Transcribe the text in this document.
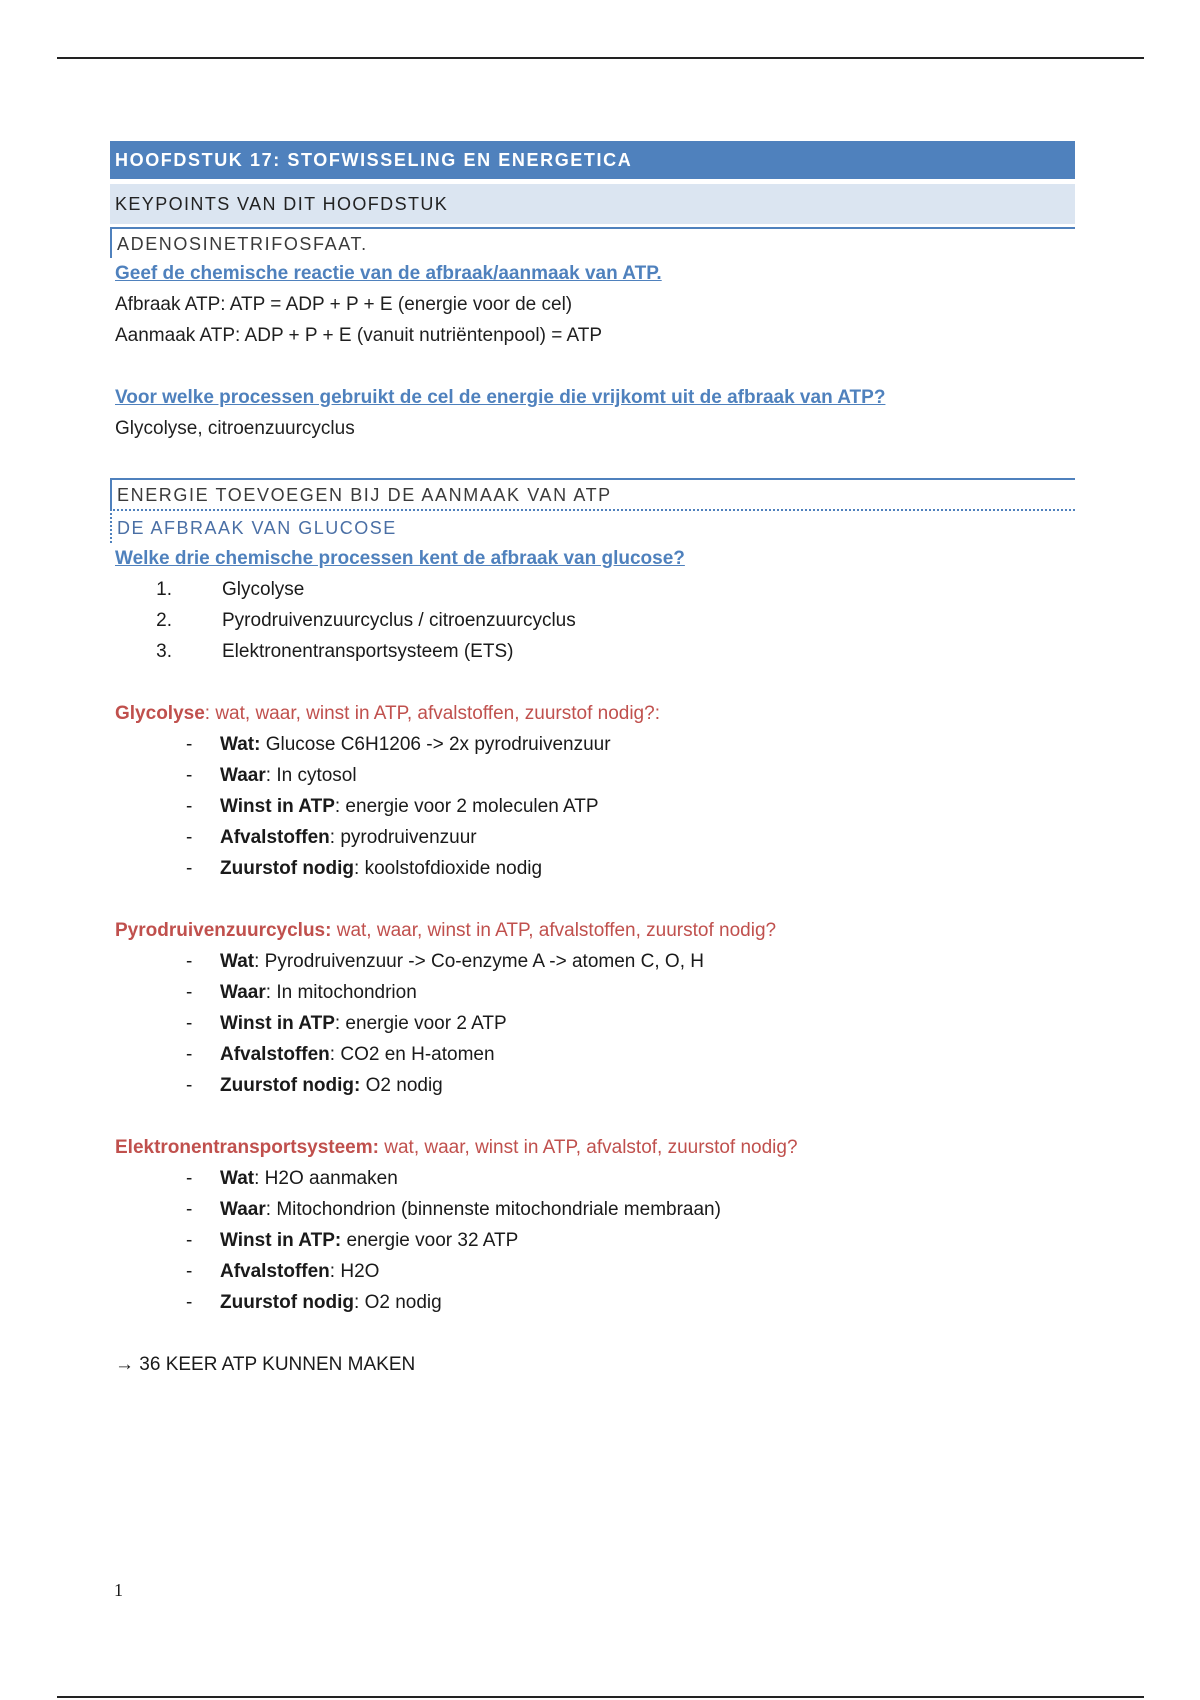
HOOFDSTUK 17: STOFWISSELING EN ENERGETICA
KEYPOINTS VAN DIT HOOFDSTUK
ADENOSINETRIFOSFAAT.
Geef de chemische reactie van de afbraak/aanmaak van ATP.
Afbraak ATP: ATP = ADP + P + E (energie voor de cel)
Aanmaak ATP: ADP + P + E (vanuit nutriëntenpool) = ATP
Voor welke processen gebruikt de cel de energie die vrijkomt uit de afbraak van ATP?
Glycolyse, citroenzuurcyclus
ENERGIE TOEVOEGEN BIJ DE AANMAAK VAN ATP
DE AFBRAAK VAN GLUCOSE
Welke drie chemische processen kent de afbraak van glucose?
1.	Glycolyse
2.	Pyrodruivenzuurcyclus / citroenzuurcyclus
3.	Elektronentransportsysteem (ETS)
Glycolyse: wat, waar, winst in ATP, afvalstoffen, zuurstof nodig?:
- Wat: Glucose C6H1206 -> 2x pyrodruivenzuur
- Waar: In cytosol
- Winst in ATP: energie voor 2 moleculen ATP
- Afvalstoffen: pyrodruivenzuur
- Zuurstof nodig: koolstofdioxide nodig
Pyrodruivenzuurcyclus: wat, waar, winst in ATP, afvalstoffen, zuurstof nodig?
- Wat: Pyrodruivenzuur -> Co-enzyme A -> atomen C, O, H
- Waar: In mitochondrion
- Winst in ATP: energie voor 2 ATP
- Afvalstoffen: CO2 en H-atomen
- Zuurstof nodig: O2 nodig
Elektronentransportsysteem: wat, waar, winst in ATP, afvalstof, zuurstof nodig?
- Wat: H2O aanmaken
- Waar: Mitochondrion (binnenste mitochondriale membraan)
- Winst in ATP: energie voor 32 ATP
- Afvalstoffen: H2O
- Zuurstof nodig: O2 nodig
→ 36 KEER ATP KUNNEN MAKEN
1
